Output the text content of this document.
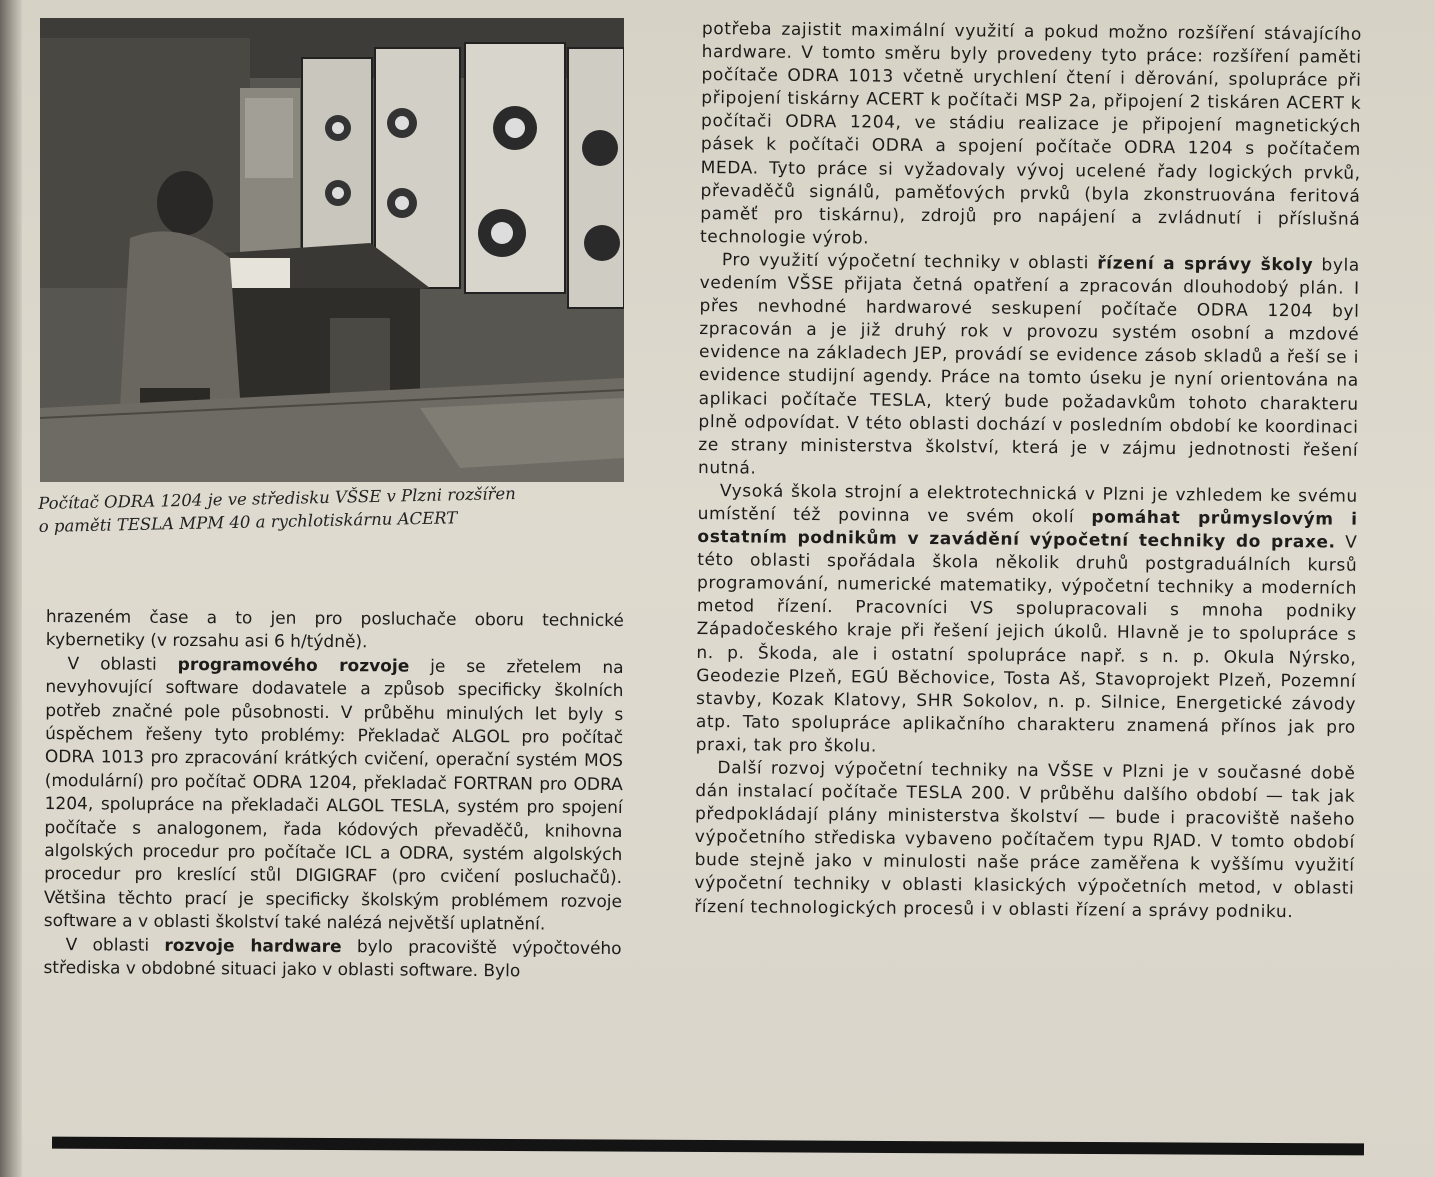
Počítač ODRA 1204 je ve středisku VŠSE v Plzni rozšířen
o paměti TESLA MPM 40 a rychlotiskárnu ACERT

hrazeném čase a to jen pro posluchače oboru technické kybernetiky (v rozsahu asi 6 h/týdně).

V oblasti programového rozvoje je se zřetelem na nevyhovující software dodavatele a způsob specificky školních potřeb značné pole působnosti. V průběhu minulých let byly s úspěchem řešeny tyto problémy: Překladač ALGOL pro počítač ODRA 1013 pro zpracování krátkých cvičení, operační systém MOS (modulární) pro počítač ODRA 1204, překladač FORTRAN pro ODRA 1204, spolupráce na překladači ALGOL TESLA, systém pro spojení počítače s analogonem, řada kódových převaděčů, knihovna algolských procedur pro počítače ICL a ODRA, systém algolských procedur pro kreslící stůl DIGIGRAF (pro cvičení posluchačů). Většina těchto prací je specificky školským problémem rozvoje software a v oblasti školství také nalézá největší uplatnění.

V oblasti rozvoje hardware bylo pracoviště výpočtového střediska v obdobné situaci jako v oblasti software. Bylo

potřeba zajistit maximální využití a pokud možno rozšíření stávajícího hardware. V tomto směru byly provedeny tyto práce: rozšíření paměti počítače ODRA 1013 včetně urychlení čtení i děrování, spolupráce při připojení tiskárny ACERT k počítači MSP 2a, připojení 2 tiskáren ACERT k počítači ODRA 1204, ve stádiu realizace je připojení magnetických pásek k počítači ODRA a spojení počítače ODRA 1204 s počítačem MEDA. Tyto práce si vyžadovaly vývoj ucelené řady logických prvků, převaděčů signálů, paměťových prvků (byla zkonstruována feritová paměť pro tiskárnu), zdrojů pro napájení a zvládnutí i příslušná technologie výrob.

Pro využití výpočetní techniky v oblasti řízení a správy školy byla vedením VŠSE přijata četná opatření a zpracován dlouhodobý plán. I přes nevhodné hardwarové seskupení počítače ODRA 1204 byl zpracován a je již druhý rok v provozu systém osobní a mzdové evidence na základech JEP, provádí se evidence zásob skladů a řeší se i evidence studijní agendy. Práce na tomto úseku je nyní orientována na aplikaci počítače TESLA, který bude požadavkům tohoto charakteru plně odpovídat. V této oblasti dochází v posledním období ke koordinaci ze strany ministerstva školství, která je v zájmu jednotnosti řešení nutná.

Vysoká škola strojní a elektrotechnická v Plzni je vzhledem ke svému umístění též povinna ve svém okolí pomáhat průmyslovým i ostatním podnikům v zavádění výpočetní techniky do praxe. V této oblasti spořádala škola několik druhů postgraduálních kursů programování, numerické matematiky, výpočetní techniky a moderních metod řízení. Pracovníci VS spolupracovali s mnoha podniky Západočeského kraje při řešení jejich úkolů. Hlavně je to spolupráce s n. p. Škoda, ale i ostatní spolupráce např. s n. p. Okula Nýrsko, Geodezie Plzeň, EGÚ Běchovice, Tosta Aš, Stavoprojekt Plzeň, Pozemní stavby, Kozak Klatovy, SHR Sokolov, n. p. Silnice, Energetické závody atp. Tato spolupráce aplikačního charakteru znamená přínos jak pro praxi, tak pro školu.

Další rozvoj výpočetní techniky na VŠSE v Plzni je v současné době dán instalací počítače TESLA 200. V průběhu dalšího období — tak jak předpokládají plány ministerstva školství — bude i pracoviště našeho výpočetního střediska vybaveno počítačem typu RJAD. V tomto období bude stejně jako v minulosti naše práce zaměřena k vyššímu využití výpočetní techniky v oblasti klasických výpočetních metod, v oblasti řízení technologických procesů i v oblasti řízení a správy podniku.
